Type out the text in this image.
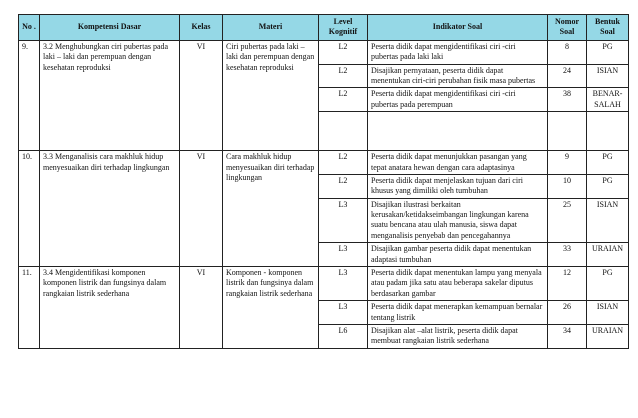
No .	Kompetensi Dasar	Kelas	Materi	Level Kognitif	Indikator Soal	Nomor Soal	Bentuk Soal
9.	3.2 Menghubungkan ciri pubertas pada laki – laki dan perempuan dengan kesehatan reproduksi	VI	Ciri pubertas pada laki – laki dan perempuan dengan kesehatan reproduksi	L2	Peserta didik dapat mengidentifikasi ciri -ciri pubertas pada laki laki	8	PG
				L2	Disajikan pernyataan, peserta didik dapat menentukan ciri-ciri perubahan fisik masa pubertas	24	ISIAN
				L2	Peserta didik dapat mengidentifikasi ciri -ciri pubertas pada perempuan	38	BENAR-SALAH

10.	3.3 Menganalisis cara makhluk hidup menyesuaikan diri terhadap lingkungan	VI	Cara makhluk hidup menyesuaikan diri terhadap lingkungan	L2	Peserta didik dapat menunjukkan pasangan yang tepat anatara hewan dengan cara adaptasinya	9	PG
				L2	Peserta didik dapat menjelaskan tujuan dari ciri khusus yang dimiliki oleh tumbuhan	10	PG
				L3	Disajikan ilustrasi berkaitan kerusakan/ketidakseimbangan lingkungan karena suatu bencana atau ulah manusia, siswa dapat menganalisis penyebab dan pencegahannya	25	ISIAN
				L3	Disajikan gambar peserta didik dapat menentukan adaptasi tumbuhan	33	URAIAN
11.	3.4 Mengidentifikasi komponen komponen listrik dan fungsinya dalam rangkaian listrik sederhana	VI	Komponen - komponen listrik dan fungsinya dalam rangkaian listrik sederhana	L3	Peserta didik dapat menentukan lampu yang menyala atau padam jika satu atau beberapa sakelar diputus berdasarkan gambar	12	PG
				L3	Peserta didik dapat menerapkan kemampuan bernalar tentang listrik	26	ISIAN
				L6	Disajikan alat –alat listrik, peserta didik dapat membuat rangkaian listrik sederhana	34	URAIAN
